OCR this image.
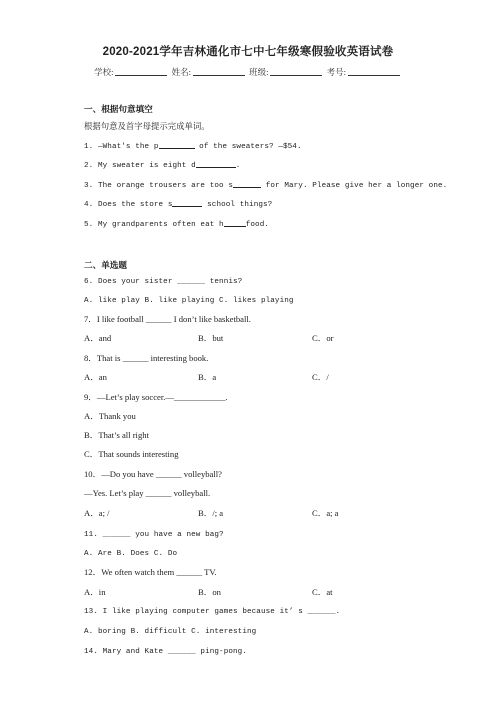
2020-2021学年吉林通化市七中七年级寒假验收英语试卷
学校:	姓名:	班级:	考号:
一、根据句意填空
根据句意及首字母提示完成单词。
1. —What's the p	of the sweaters? —$54.
2. My sweater is eight d	.
3. The orange trousers are too s	for Mary. Please give her a longer one.
4. Does the store s	school things?
5. My grandparents often eat h	food.
二、单选题
6. Does your sister ______ tennis?
A. like play B. like playing C. likes playing
7．I like football ______ I don’t like basketball.
A．and	B．but	C．or
8．That is ______ interesting book.
A．an	B．a	C．/
9．—Let’s play soccer.—____________.
A．Thank you
B．That’s all right
C．That sounds interesting
10．—Do you have ______ volleyball?
—Yes. Let’s play ______ volleyball.
A．a; /	B．/; a	C．a; a
11. ______ you have a new bag?
A. Are B. Does C. Do
12．We often watch them ______ TV.
A．in	B．on	C．at
13. I like playing computer games because it’ s ______.
A. boring B. difficult C. interesting
14. Mary and Kate ______ ping-pong.
